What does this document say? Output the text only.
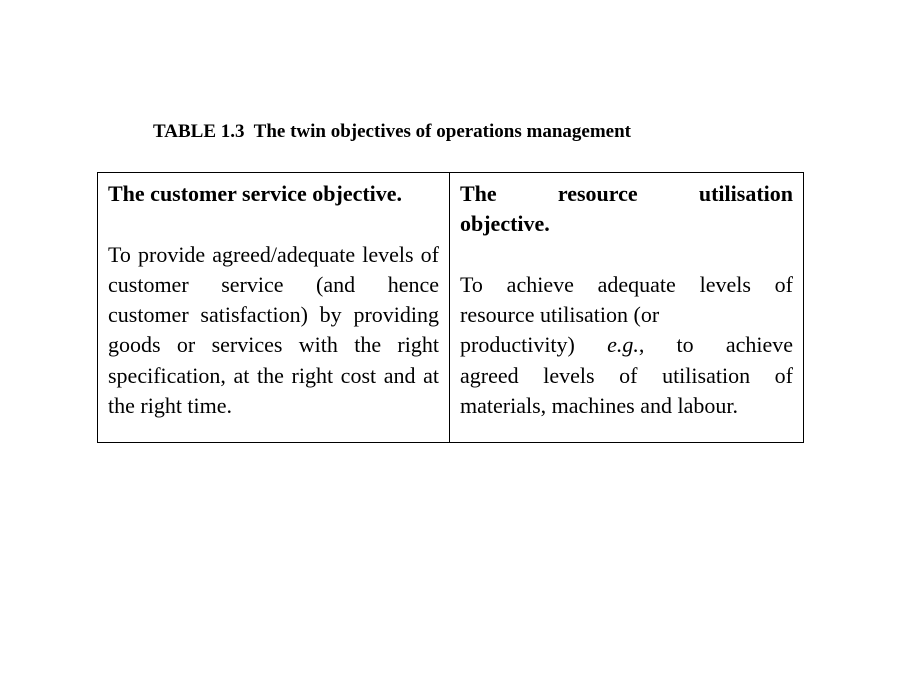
TABLE 1.3  The twin objectives of operations management

The customer service objective.

To provide agreed/adequate levels of customer service (and hence customer satisfaction) by providing goods or services with the right specification, at the right cost and at the right time.

The resource utilisation
objective.
To achieve adequate levels of
resource utilisation (or
productivity) e.g., to achieve
agreed levels of utilisation of
materials, machines and labour.
